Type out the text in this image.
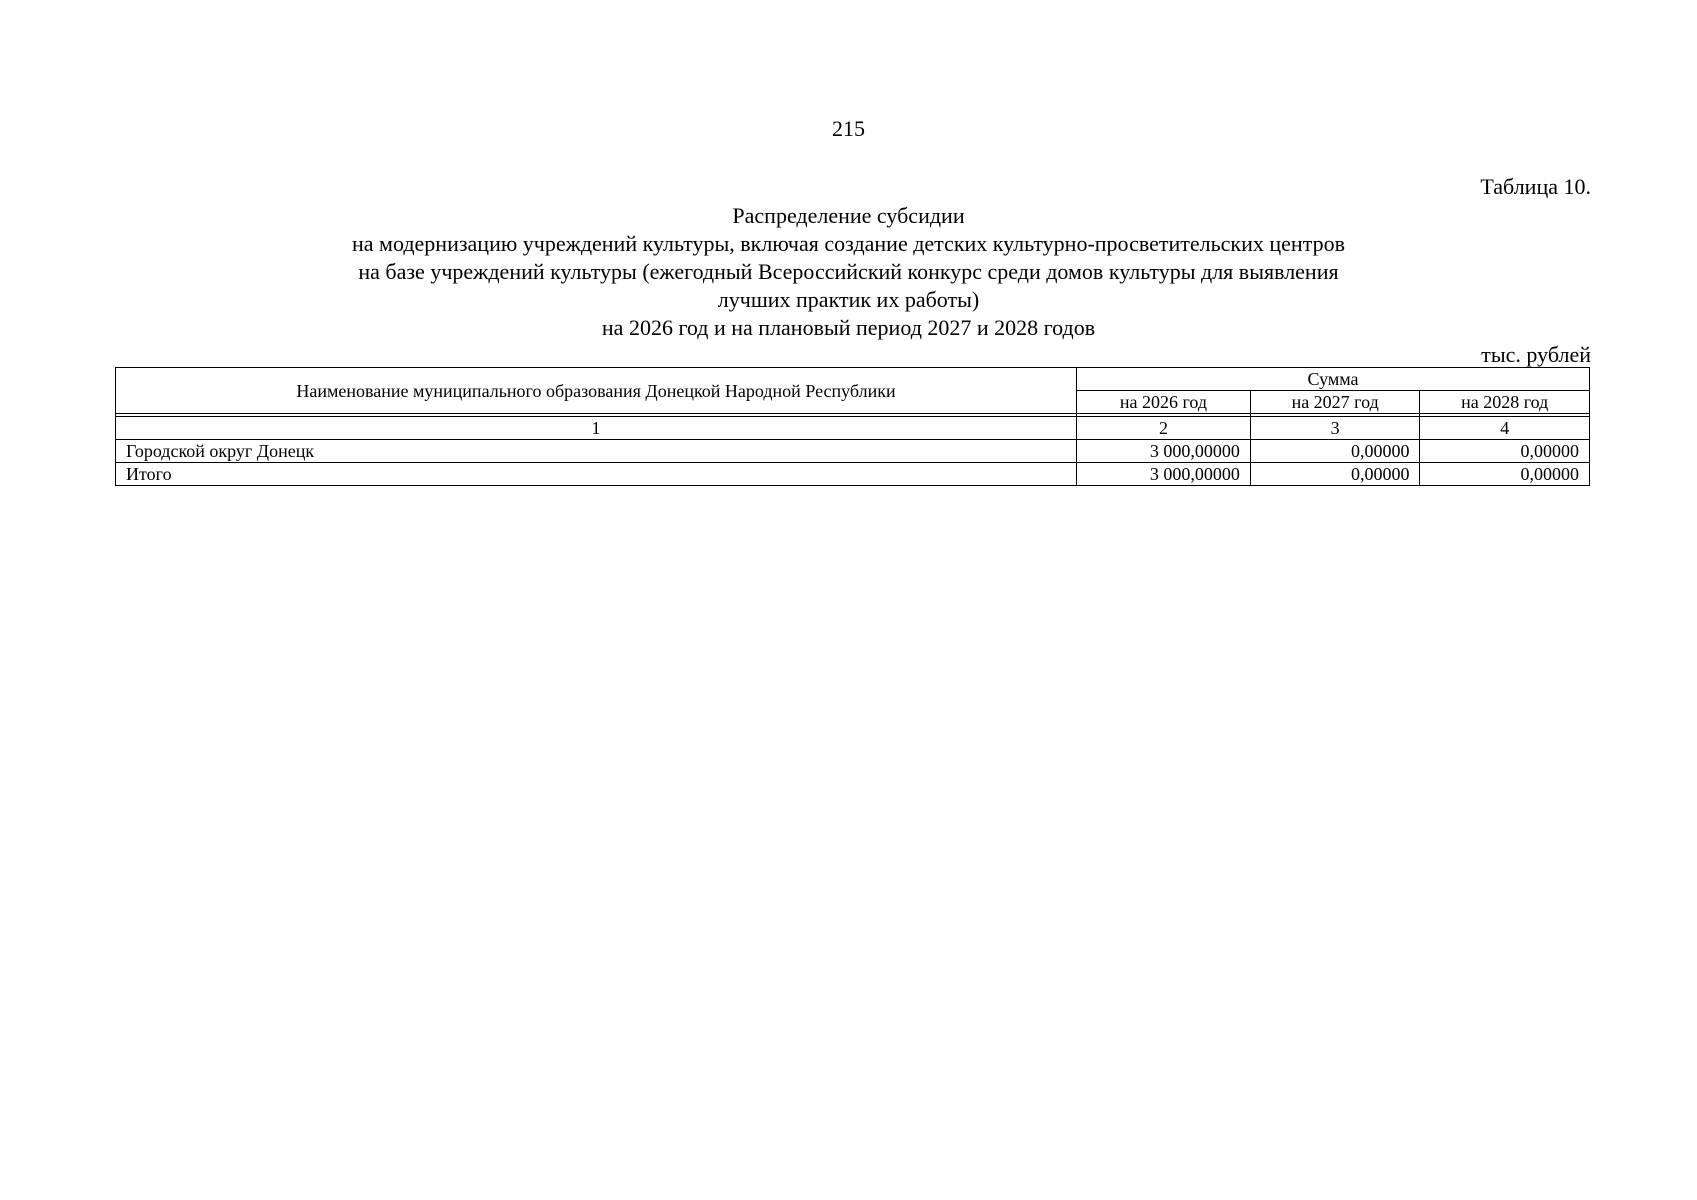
215
Таблица 10.
Распределение субсидии
на модернизацию учреждений культуры, включая создание детских культурно-просветительских центров
на базе учреждений культуры (ежегодный Всероссийский конкурс среди домов культуры для выявления
лучших практик их работы)
на 2026 год и на плановый период 2027 и 2028 годов
тыс. рублей
Наименование муниципального образования Донецкой Народной Республики	Сумма		
	на 2026 год	на 2027 год	на 2028 год

1	2	3	4
Городской округ Донецк	3 000,00000	0,00000	0,00000
Итого	3 000,00000	0,00000	0,00000
